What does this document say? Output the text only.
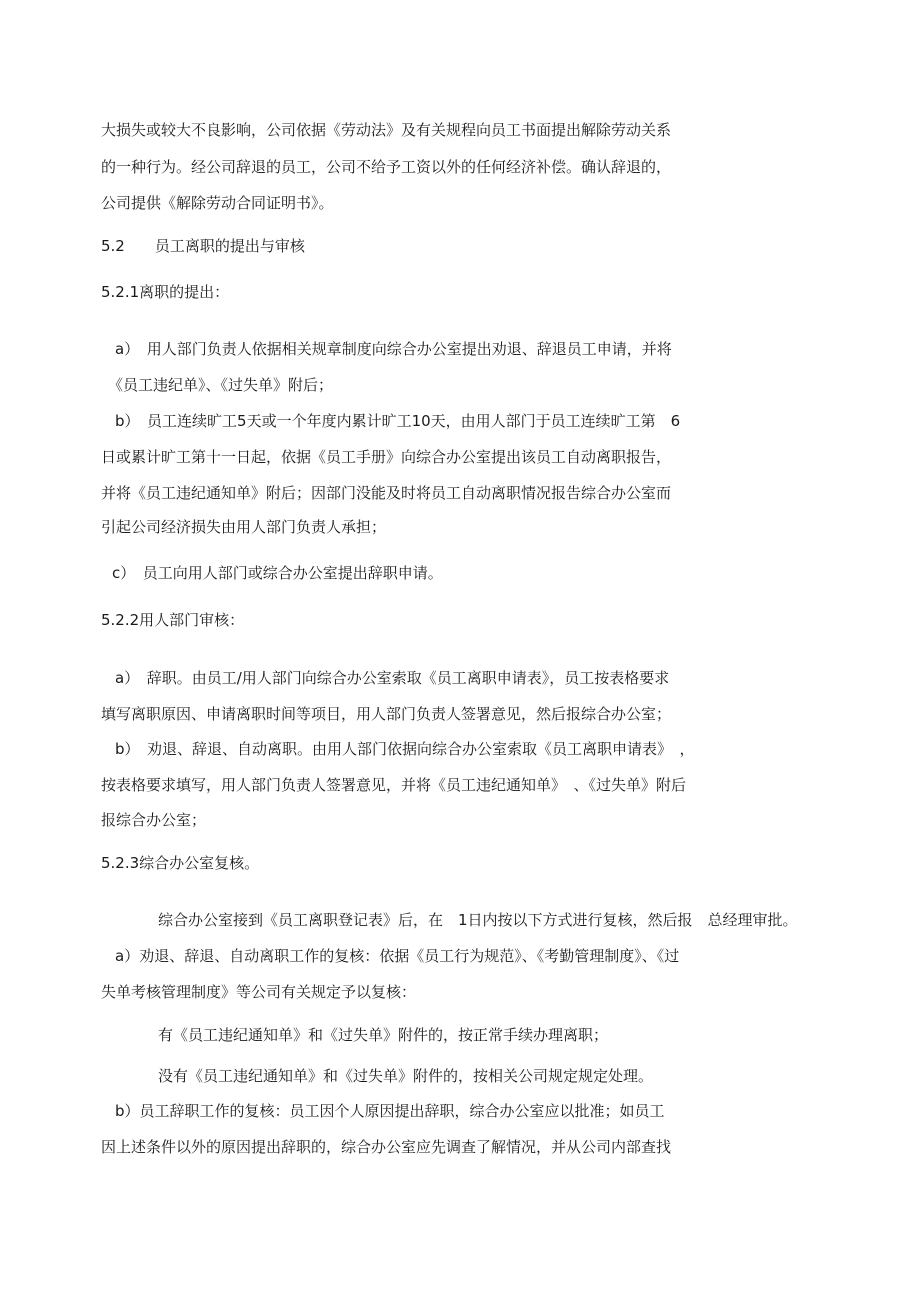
大损失或较大不良影响，公司依据《劳动法》及有关规程向员工书面提出解除劳动关系
的一种行为。经公司辞退的员工，公司不给予工资以外的任何经济补偿。确认辞退的，
公司提供《解除劳动合同证明书》。
5.2　　员工离职的提出与审核
5.2.1离职的提出：
a）　用人部门负责人依据相关规章制度向综合办公室提出劝退、辞退员工申请，并将
《员工违纪单》、《过失单》附后；
b）　员工连续旷工5天或一个年度内累计旷工10天，由用人部门于员工连续旷工第　6
日或累计旷工第十一日起，依据《员工手册》向综合办公室提出该员工自动离职报告，
并将《员工违纪通知单》附后；因部门没能及时将员工自动离职情况报告综合办公室而
引起公司经济损失由用人部门负责人承担；
c）　员工向用人部门或综合办公室提出辞职申请。
5.2.2用人部门审核：
a）　辞职。由员工/用人部门向综合办公室索取《员工离职申请表》，员工按表格要求
填写离职原因、申请离职时间等项目，用人部门负责人签署意见，然后报综合办公室；
b）　劝退、辞退、自动离职。由用人部门依据向综合办公室索取《员工离职申请表》　，
按表格要求填写，用人部门负责人签署意见，并将《员工违纪通知单》　、《过失单》附后
报综合办公室；
5.2.3综合办公室复核。
综合办公室接到《员工离职登记表》后，在　1日内按以下方式进行复核，然后报　总经理审批。
a）劝退、辞退、自动离职工作的复核：依据《员工行为规范》、《考勤管理制度》、《过
失单考核管理制度》等公司有关规定予以复核：
有《员工违纪通知单》和《过失单》附件的，按正常手续办理离职；
没有《员工违纪通知单》和《过失单》附件的，按相关公司规定规定处理。
b）员工辞职工作的复核：员工因个人原因提出辞职，综合办公室应以批准；如员工
因上述条件以外的原因提出辞职的，综合办公室应先调查了解情况，并从公司内部查找
